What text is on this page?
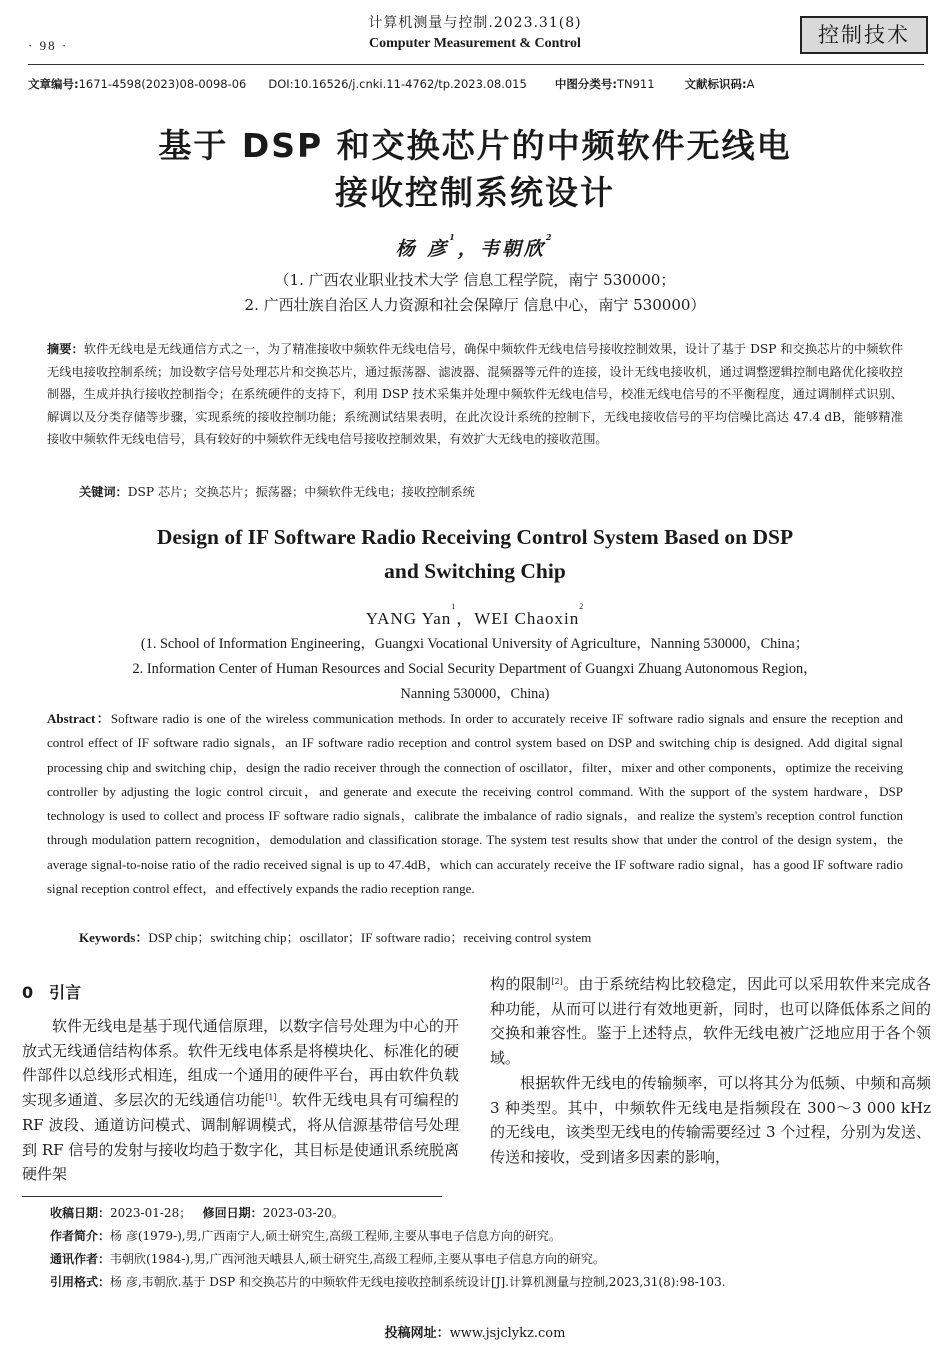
· 98 ·
计算机测量与控制.2023.31(8)
Computer Measurement & Control	控制技术
文章编号:1671-4598(2023)08-0098-06 DOI:10.16526/j.cnki.11-4762/tp.2023.08.015 中图分类号:TN911	文献标识码:A
基于 DSP 和交换芯片的中频软件无线电
接收控制系统设计
杨 彦$^1$，韦朝欣$^2$
（1. 广西农业职业技术大学 信息工程学院，南宁 530000；
2. 广西壮族自治区人力资源和社会保障厅 信息中心，南宁 530000）
摘要：软件无线电是无线通信方式之一，为了精准接收中频软件无线电信号，确保中频软件无线电信号接收控制效果，设计了基于 DSP 和交换芯片的中频软件无线电接收控制系统；加设数字信号处理芯片和交换芯片，通过振荡器、滤波器、混频器等元件的连接，设计无线电接收机，通过调整逻辑控制电路优化接收控制器，生成并执行接收控制指令；在系统硬件的支持下，利用 DSP 技术采集并处理中频软件无线电信号，校准无线电信号的不平衡程度，通过调制样式识别、解调以及分类存储等步骤，实现系统的接收控制功能；系统测试结果表明，在此次设计系统的控制下，无线电接收信号的平均信噪比高达 47.4 dB，能够精准接收中频软件无线电信号，具有较好的中频软件无线电信号接收控制效果，有效扩大无线电的接收范围。
关键词：DSP 芯片；交换芯片；振荡器；中频软件无线电；接收控制系统
Design of IF Software Radio Receiving Control System Based on DSP
and Switching Chip
YANG Yan$^1$，WEI Chaoxin$^2$
(1. School of Information Engineering，Guangxi Vocational University of Agriculture，Nanning 530000，China；
2. Information Center of Human Resources and Social Security Department of Guangxi Zhuang Autonomous Region，
Nanning 530000，China)
Abstract：Software radio is one of the wireless communication methods. In order to accurately receive IF software radio signals and ensure the reception and control effect of IF software radio signals，an IF software radio reception and control system based on DSP and switching chip is designed. Add digital signal processing chip and switching chip，design the radio receiver through the connection of oscillator，filter，mixer and other components，optimize the receiving controller by adjusting the logic control circuit，and generate and execute the receiving control command. With the support of the system hardware，DSP technology is used to collect and process IF software radio signals，calibrate the imbalance of radio signals，and realize the system's reception control function through modulation pattern recognition，demodulation and classification storage. The system test results show that under the control of the design system，the average signal-to-noise ratio of the radio received signal is up to 47.4dB，which can accurately receive the IF software radio signal，has a good IF software radio signal reception control effect，and effectively expands the radio reception range.
Keywords：DSP chip；switching chip；oscillator；IF software radio；receiving control system
0 引言

软件无线电是基于现代通信原理，以数字信号处理为中心的开放式无线通信结构体系。软件无线电体系是将模块化、标准化的硬件部件以总线形式相连，组成一个通用的硬件平台，再由软件负载实现多通道、多层次的无线通信功能[1]。软件无线电具有可编程的 RF 波段、通道访问模式、调制解调模式，将从信源基带信号处理到 RF 信号的发射与接收均趋于数字化，其目标是使通讯系统脱离硬件架

构的限制[2]。由于系统结构比较稳定，因此可以采用软件来完成各种功能，从而可以进行有效地更新，同时，也可以降低体系之间的交换和兼容性。鉴于上述特点，软件无线电被广泛地应用于各个领域。

根据软件无线电的传输频率，可以将其分为低频、中频和高频 3 种类型。其中，中频软件无线电是指频段在 300～3 000 kHz 的无线电，该类型无线电的传输需要经过 3 个过程，分别为发送、传送和接收，受到诸多因素的影响，

收稿日期：2023-01-28； 修回日期：2023-03-20。
作者简介：杨 彦(1979-),男,广西南宁人,硕士研究生,高级工程师,主要从事电子信息方向的研究。
通讯作者：韦朝欣(1984-),男,广西河池天峨县人,硕士研究生,高级工程师,主要从事电子信息方向的研究。
引用格式：杨 彦,韦朝欣.基于 DSP 和交换芯片的中频软件无线电接收控制系统设计[J].计算机测量与控制,2023,31(8):98-103.
投稿网址：www.jsjclykz.com
